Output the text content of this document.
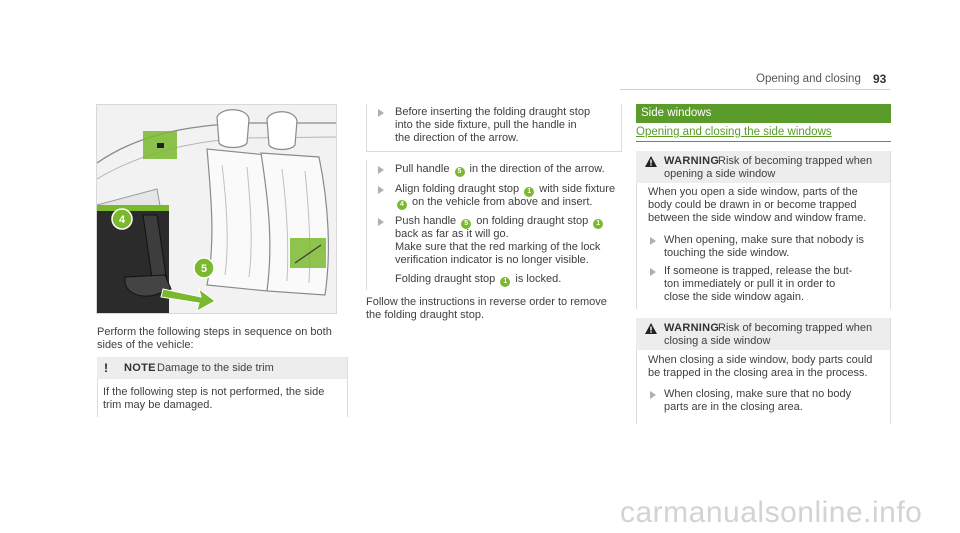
Opening and closing 93
4
5
Perform the following steps in sequence on both
sides of the vehicle:
! NOTE Damage to the side trim
If the following step is not performed, the side
trim may be damaged.
Before inserting the folding draught stop
into the side fixture, pull the handle in
the direction of the arrow.
Pull handle 5 in the direction of the arrow.
Align folding draught stop 1 with side fixture
4 on the vehicle from above and insert.
Push handle 5 on folding draught stop 1
back as far as it will go.
Make sure that the red marking of the lock
verification indicator is no longer visible.
Folding draught stop 1 is locked.
Follow the instructions in reverse order to remove
the folding draught stop.
Side windows
Opening and closing the side windows
WARNING
Risk of becoming trapped when
opening a side window
When you open a side window, parts of the
body could be drawn in or become trapped
between the side window and window frame.
When opening, make sure that nobody is
touching the side window.
If someone is trapped, release the but-
ton immediately or pull it in order to
close the side window again.
WARNING
Risk of becoming trapped when
closing a side window
When closing a side window, body parts could
be trapped in the closing area in the process.
When closing, make sure that no body
parts are in the closing area.
carmanualsonline.info
